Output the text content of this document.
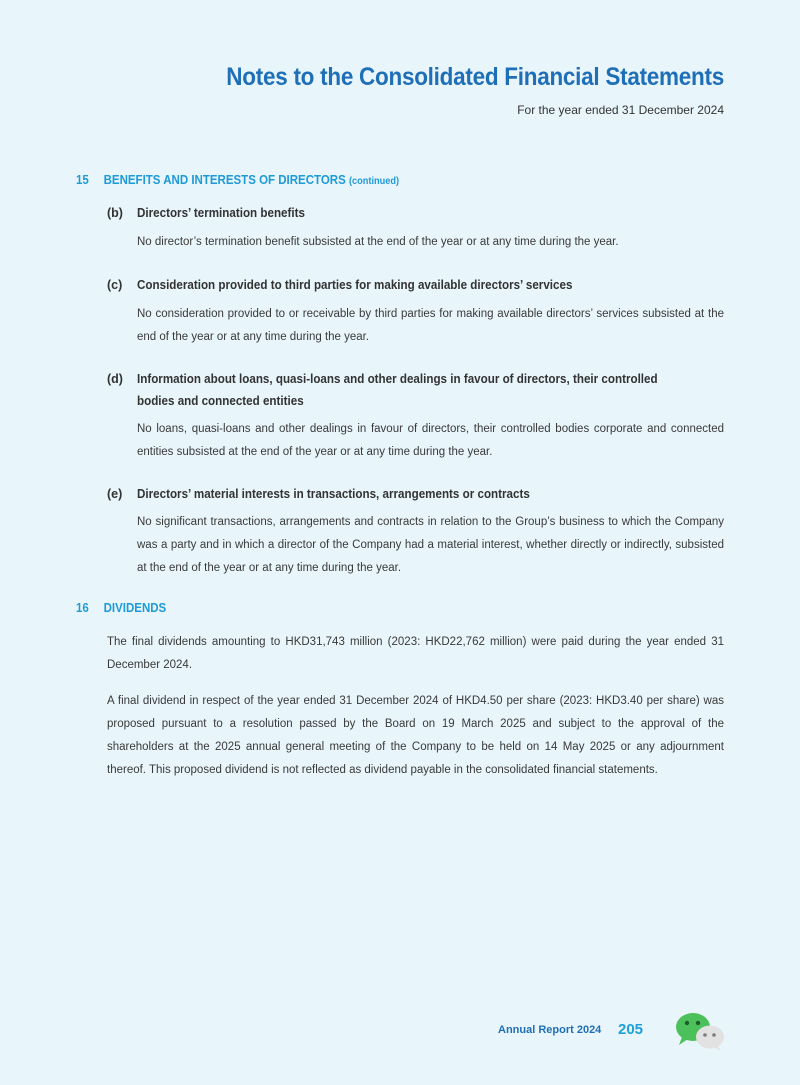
Notes to the Consolidated Financial Statements
For the year ended 31 December 2024
15 BENEFITS AND INTERESTS OF DIRECTORS (continued)
(b) Directors’ termination benefits
No director’s termination benefit subsisted at the end of the year or at any time during the year.
(c) Consideration provided to third parties for making available directors’ services
No consideration provided to or receivable by third parties for making available directors’ services subsisted at the end of the year or at any time during the year.
(d) Information about loans, quasi-loans and other dealings in favour of directors, their controlled bodies and connected entities
No loans, quasi-loans and other dealings in favour of directors, their controlled bodies corporate and connected entities subsisted at the end of the year or at any time during the year.
(e) Directors’ material interests in transactions, arrangements or contracts
No significant transactions, arrangements and contracts in relation to the Group’s business to which the Company was a party and in which a director of the Company had a material interest, whether directly or indirectly, subsisted at the end of the year or at any time during the year.
16 DIVIDENDS
The final dividends amounting to HKD31,743 million (2023: HKD22,762 million) were paid during the year ended 31 December 2024.
A final dividend in respect of the year ended 31 December 2024 of HKD4.50 per share (2023: HKD3.40 per share) was proposed pursuant to a resolution passed by the Board on 19 March 2025 and subject to the approval of the shareholders at the 2025 annual general meeting of the Company to be held on 14 May 2025 or any adjournment thereof. This proposed dividend is not reflected as dividend payable in the consolidated financial statements.
Annual Report 2024 205
